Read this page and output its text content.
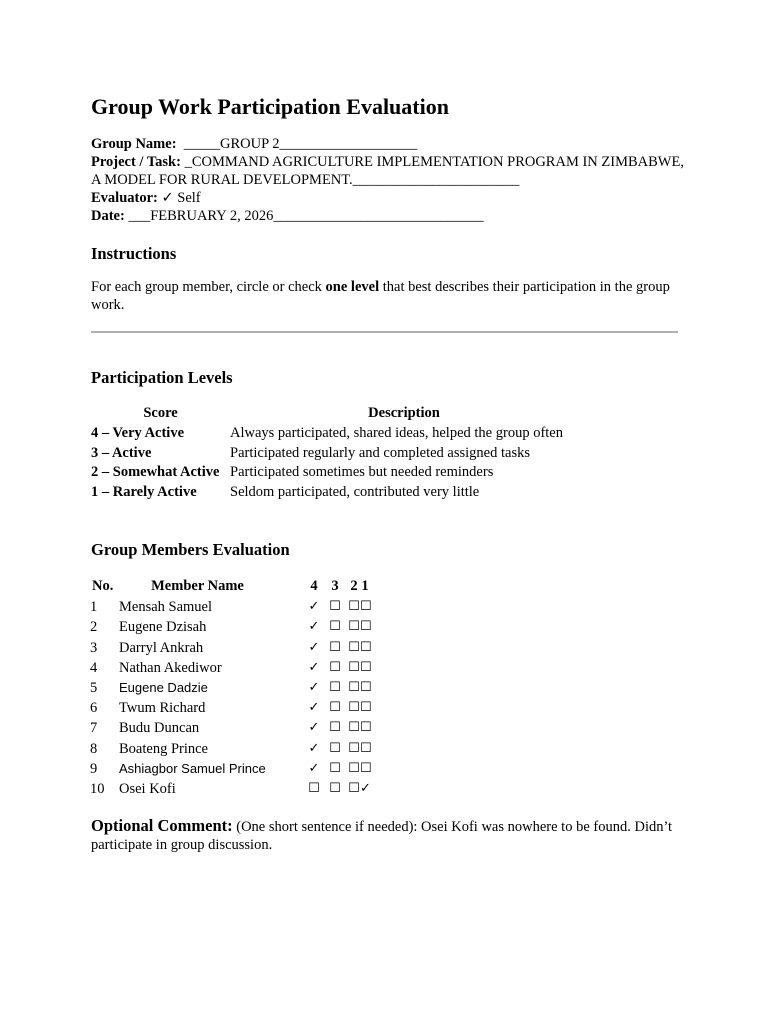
Group Work Participation Evaluation
Group Name:  _____GROUP 2___________________
Project / Task: _COMMAND AGRICULTURE IMPLEMENTATION PROGRAM IN ZIMBABWE, A MODEL FOR RURAL DEVELOPMENT._______________________
Evaluator: ✓ Self
Date: ___FEBRUARY 2, 2026_____________________________
Instructions
For each group member, circle or check one level that best describes their participation in the group work.
Participation Levels
Score	Description
4 – Very Active	Always participated, shared ideas, helped the group often
3 – Active	Participated regularly and completed assigned tasks
2 – Somewhat Active	Participated sometimes but needed reminders
1 – Rarely Active	Seldom participated, contributed very little
Group Members Evaluation
No.	Member Name	4 3 2 1
1	Mensah Samuel	✓ ☐ ☐☐
2	Eugene Dzisah	✓ ☐ ☐☐
3	Darryl Ankrah	✓ ☐ ☐☐
4	Nathan Akediwor	✓ ☐ ☐☐
5	Eugene Dadzie	✓ ☐ ☐☐
6	Twum Richard	✓ ☐ ☐☐
7	Budu Duncan	✓ ☐ ☐☐
8	Boateng Prince	✓ ☐ ☐☐
9	Ashiagbor Samuel Prince	✓ ☐ ☐☐
10	Osei Kofi	☐ ☐ ☐✓
Optional Comment: (One short sentence if needed): Osei Kofi was nowhere to be found. Didn’t participate in group discussion.
